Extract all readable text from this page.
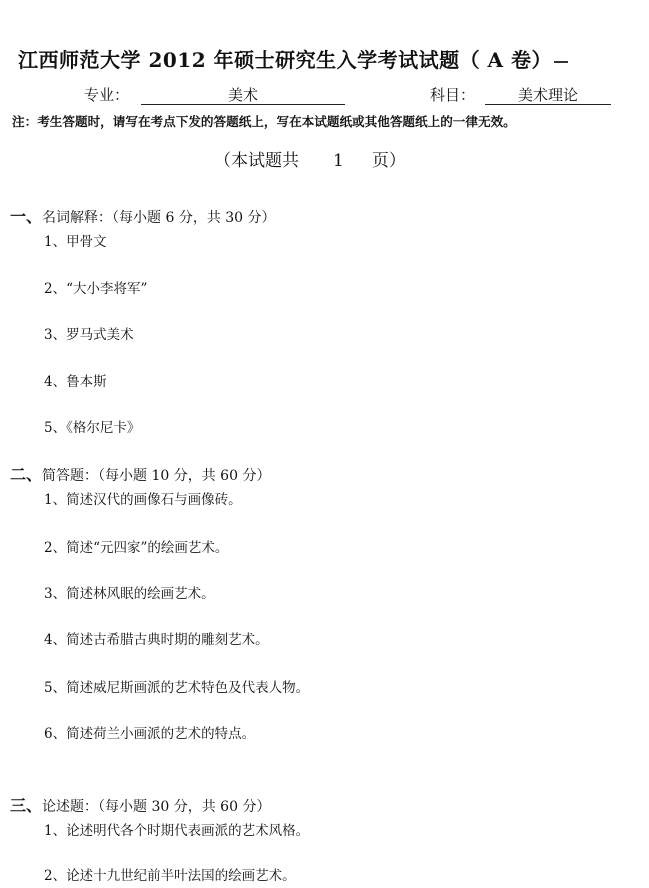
江西师范大学 2012 年硕士研究生入学考试试题（ A 卷）
专业：	美术	科目：	美术理论
注：考生答题时，请写在考点下发的答题纸上，写在本试题纸或其他答题纸上的一律无效。
（本试题共 1 页）
一、名词解释：（每小题 6 分，共 30 分）
1、甲骨文
2、“大小李将军”
3、罗马式美术
4、鲁本斯
5、《格尔尼卡》
二、简答题：（每小题 10 分，共 60 分）
1、简述汉代的画像石与画像砖。
2、简述“元四家”的绘画艺术。
3、简述林风眠的绘画艺术。
4、简述古希腊古典时期的雕刻艺术。
5、简述威尼斯画派的艺术特色及代表人物。
6、简述荷兰小画派的艺术的特点。
三、论述题：（每小题 30 分，共 60 分）
1、论述明代各个时期代表画派的艺术风格。
2、论述十九世纪前半叶法国的绘画艺术。
